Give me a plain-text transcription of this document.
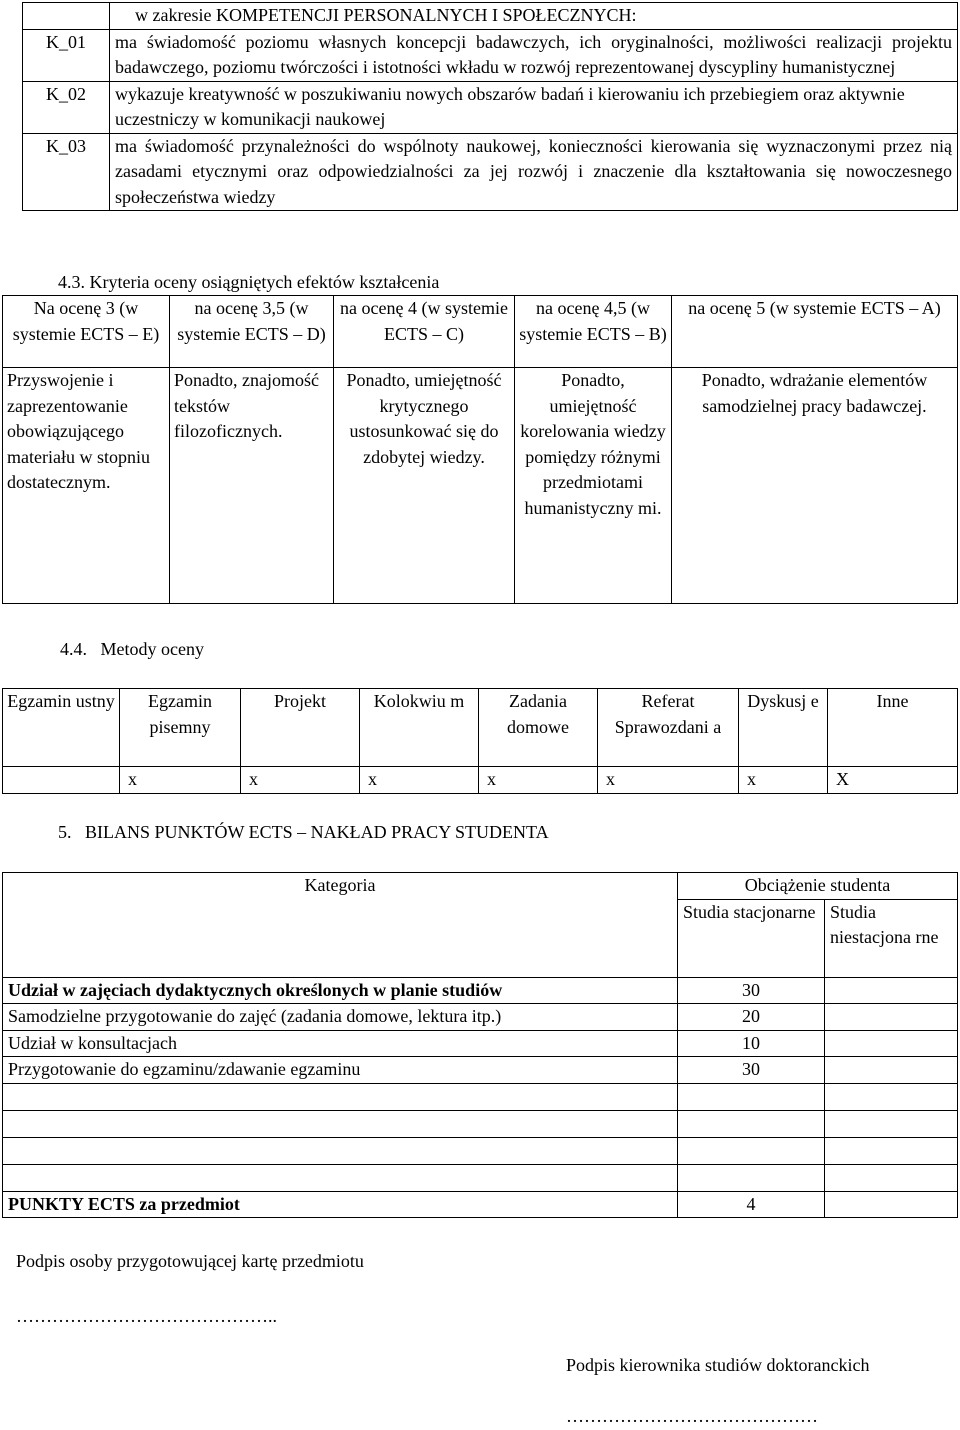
	w zakresie KOMPETENCJI PERSONALNYCH I SPOŁECZNYCH:
K_01	ma świadomość poziomu własnych koncepcji badawczych, ich oryginalności, możliwości realizacji projektu badawczego, poziomu twórczości i istotności wkładu w rozwój reprezentowanej dyscypliny humanistycznej
K_02	wykazuje kreatywność w poszukiwaniu nowych obszarów badań i kierowaniu ich przebiegiem oraz aktywnie uczestniczy w komunikacji naukowej
K_03	ma świadomość przynależności do wspólnoty naukowej, konieczności kierowania się wyznaczonymi przez nią zasadami etycznymi oraz odpowiedzialności za jej rozwój i znaczenie dla kształtowania się nowoczesnego społeczeństwa wiedzy
4.3. Kryteria oceny osiągniętych efektów kształcenia
Na ocenę 3 (w systemie ECTS – E)	na ocenę 3,5 (w systemie ECTS – D)	na ocenę 4 (w systemie ECTS – C)	na ocenę 4,5 (w systemie ECTS – B)	na ocenę 5 (w systemie ECTS – A)
Przyswojenie i zaprezentowanie obowiązującego materiału w stopniu dostatecznym.	Ponadto, znajomość tekstów filozoficznych.	Ponadto, umiejętność krytycznego ustosunkować się do zdobytej wiedzy.	Ponadto, umiejętność korelowania wiedzy pomiędzy różnymi przedmiotami humanistyczny mi.	Ponadto, wdrażanie elementów samodzielnej pracy badawczej.
4.4.   Metody oceny
Egzamin ustny	Egzamin pisemny	Projekt	Kolokwiu m	Zadania domowe	Referat Sprawozdani a	Dyskusj e	Inne
	x	x	x	x	x	x	X
5.   BILANS PUNKTÓW ECTS – NAKŁAD PRACY STUDENTA
Kategoria	Obciążenie studenta	
	Studia stacjonarne	Studia niestacjona rne
Udział w zajęciach dydaktycznych określonych w planie studiów	30	
Samodzielne przygotowanie do zajęć (zadania domowe, lektura itp.)	20	
Udział w konsultacjach	10	
Przygotowanie do egzaminu/zdawanie egzaminu	30	

PUNKTY ECTS za przedmiot	4	
Podpis osoby przygotowującej kartę przedmiotu
……………………………………..
Podpis kierownika studiów doktoranckich
……………………………………
